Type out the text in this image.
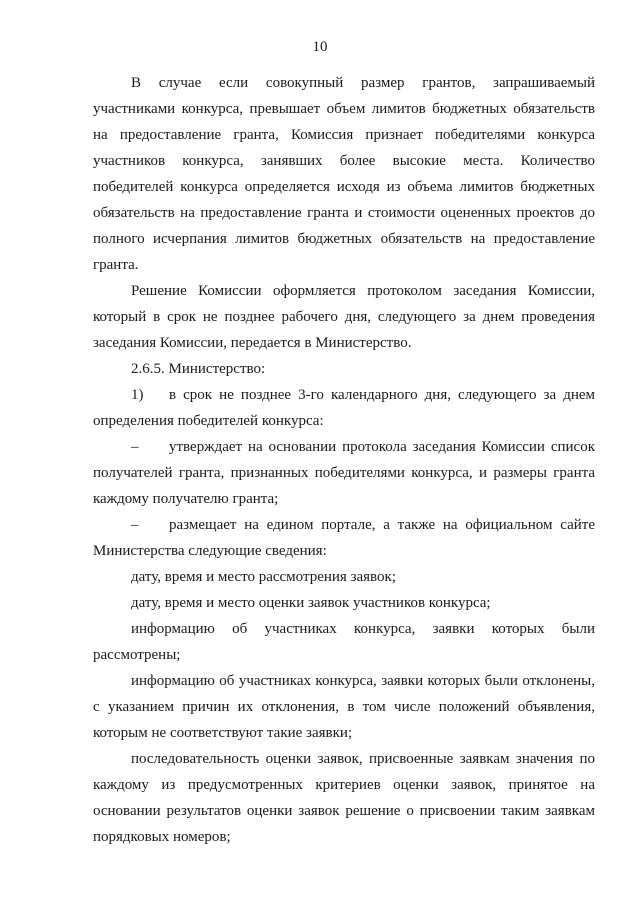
10

В случае если совокупный размер грантов, запрашиваемый участниками конкурса, превышает объем лимитов бюджетных обязательств на предоставление гранта, Комиссия признает победителями конкурса участников конкурса, занявших более высокие места. Количество победителей конкурса определяется исходя из объема лимитов бюджетных обязательств на предоставление гранта и стоимости оцененных проектов до полного исчерпания лимитов бюджетных обязательств на предоставление гранта.

Решение Комиссии оформляется протоколом заседания Комиссии, который в срок не позднее рабочего дня, следующего за днем проведения заседания Комиссии, передается в Министерство.

2.6.5. Министерство:

1) в срок не позднее 3-го календарного дня, следующего за днем определения победителей конкурса:

– утверждает на основании протокола заседания Комиссии список получателей гранта, признанных победителями конкурса, и размеры гранта каждому получателю гранта;

– размещает на едином портале, а также на официальном сайте Министерства следующие сведения:

дату, время и место рассмотрения заявок;

дату, время и место оценки заявок участников конкурса;

информацию об участниках конкурса, заявки которых были рассмотрены;

информацию об участниках конкурса, заявки которых были отклонены, с указанием причин их отклонения, в том числе положений объявления, которым не соответствуют такие заявки;

последовательность оценки заявок, присвоенные заявкам значения по каждому из предусмотренных критериев оценки заявок, принятое на основании результатов оценки заявок решение о присвоении таким заявкам порядковых номеров;
